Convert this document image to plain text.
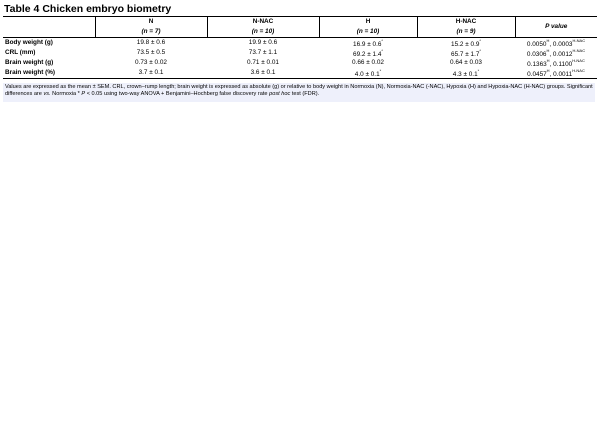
Table 4 Chicken embryo biometry
	N	N-NAC	H	H-NAC	P value
	(n = 7)	(n = 10)	(n = 10)	(n = 9)	
Body weight (g)	19.8 ± 0.6	19.9 ± 0.6	16.9 ± 0.6*	15.2 ± 0.9*	$0.0050^H$, $0.0003^{H-NAC}$
CRL (mm)	73.5 ± 0.5	73.7 ± 1.1	69.2 ± 1.4*	65.7 ± 1.7*	$0.0306^H$, $0.0012^{H-NAC}$
Brain weight (g)	0.73 ± 0.02	0.71 ± 0.01	0.66 ± 0.02	0.64 ± 0.03	$0.1363^H$, $0.1100^{H-NAC}$
Brain weight (%)	3.7 ± 0.1	3.6 ± 0.1	4.0 ± 0.1*	4.3 ± 0.1*	$0.0457^H$, $0.0011^{H-NAC}$
Values are expressed as the mean ± SEM. CRL, crown–rump length; brain weight is expressed as absolute (g) or relative to body weight in Normoxia (N), Normoxia-NAC (-NAC), Hypoxia (H) and Hypoxia-NAC (H-NAC) groups. Significant differences are vs. Normoxia * P < 0.05 using two-way ANOVA + Benjamini–Hochberg false discovery rate post hoc test (FDR).
